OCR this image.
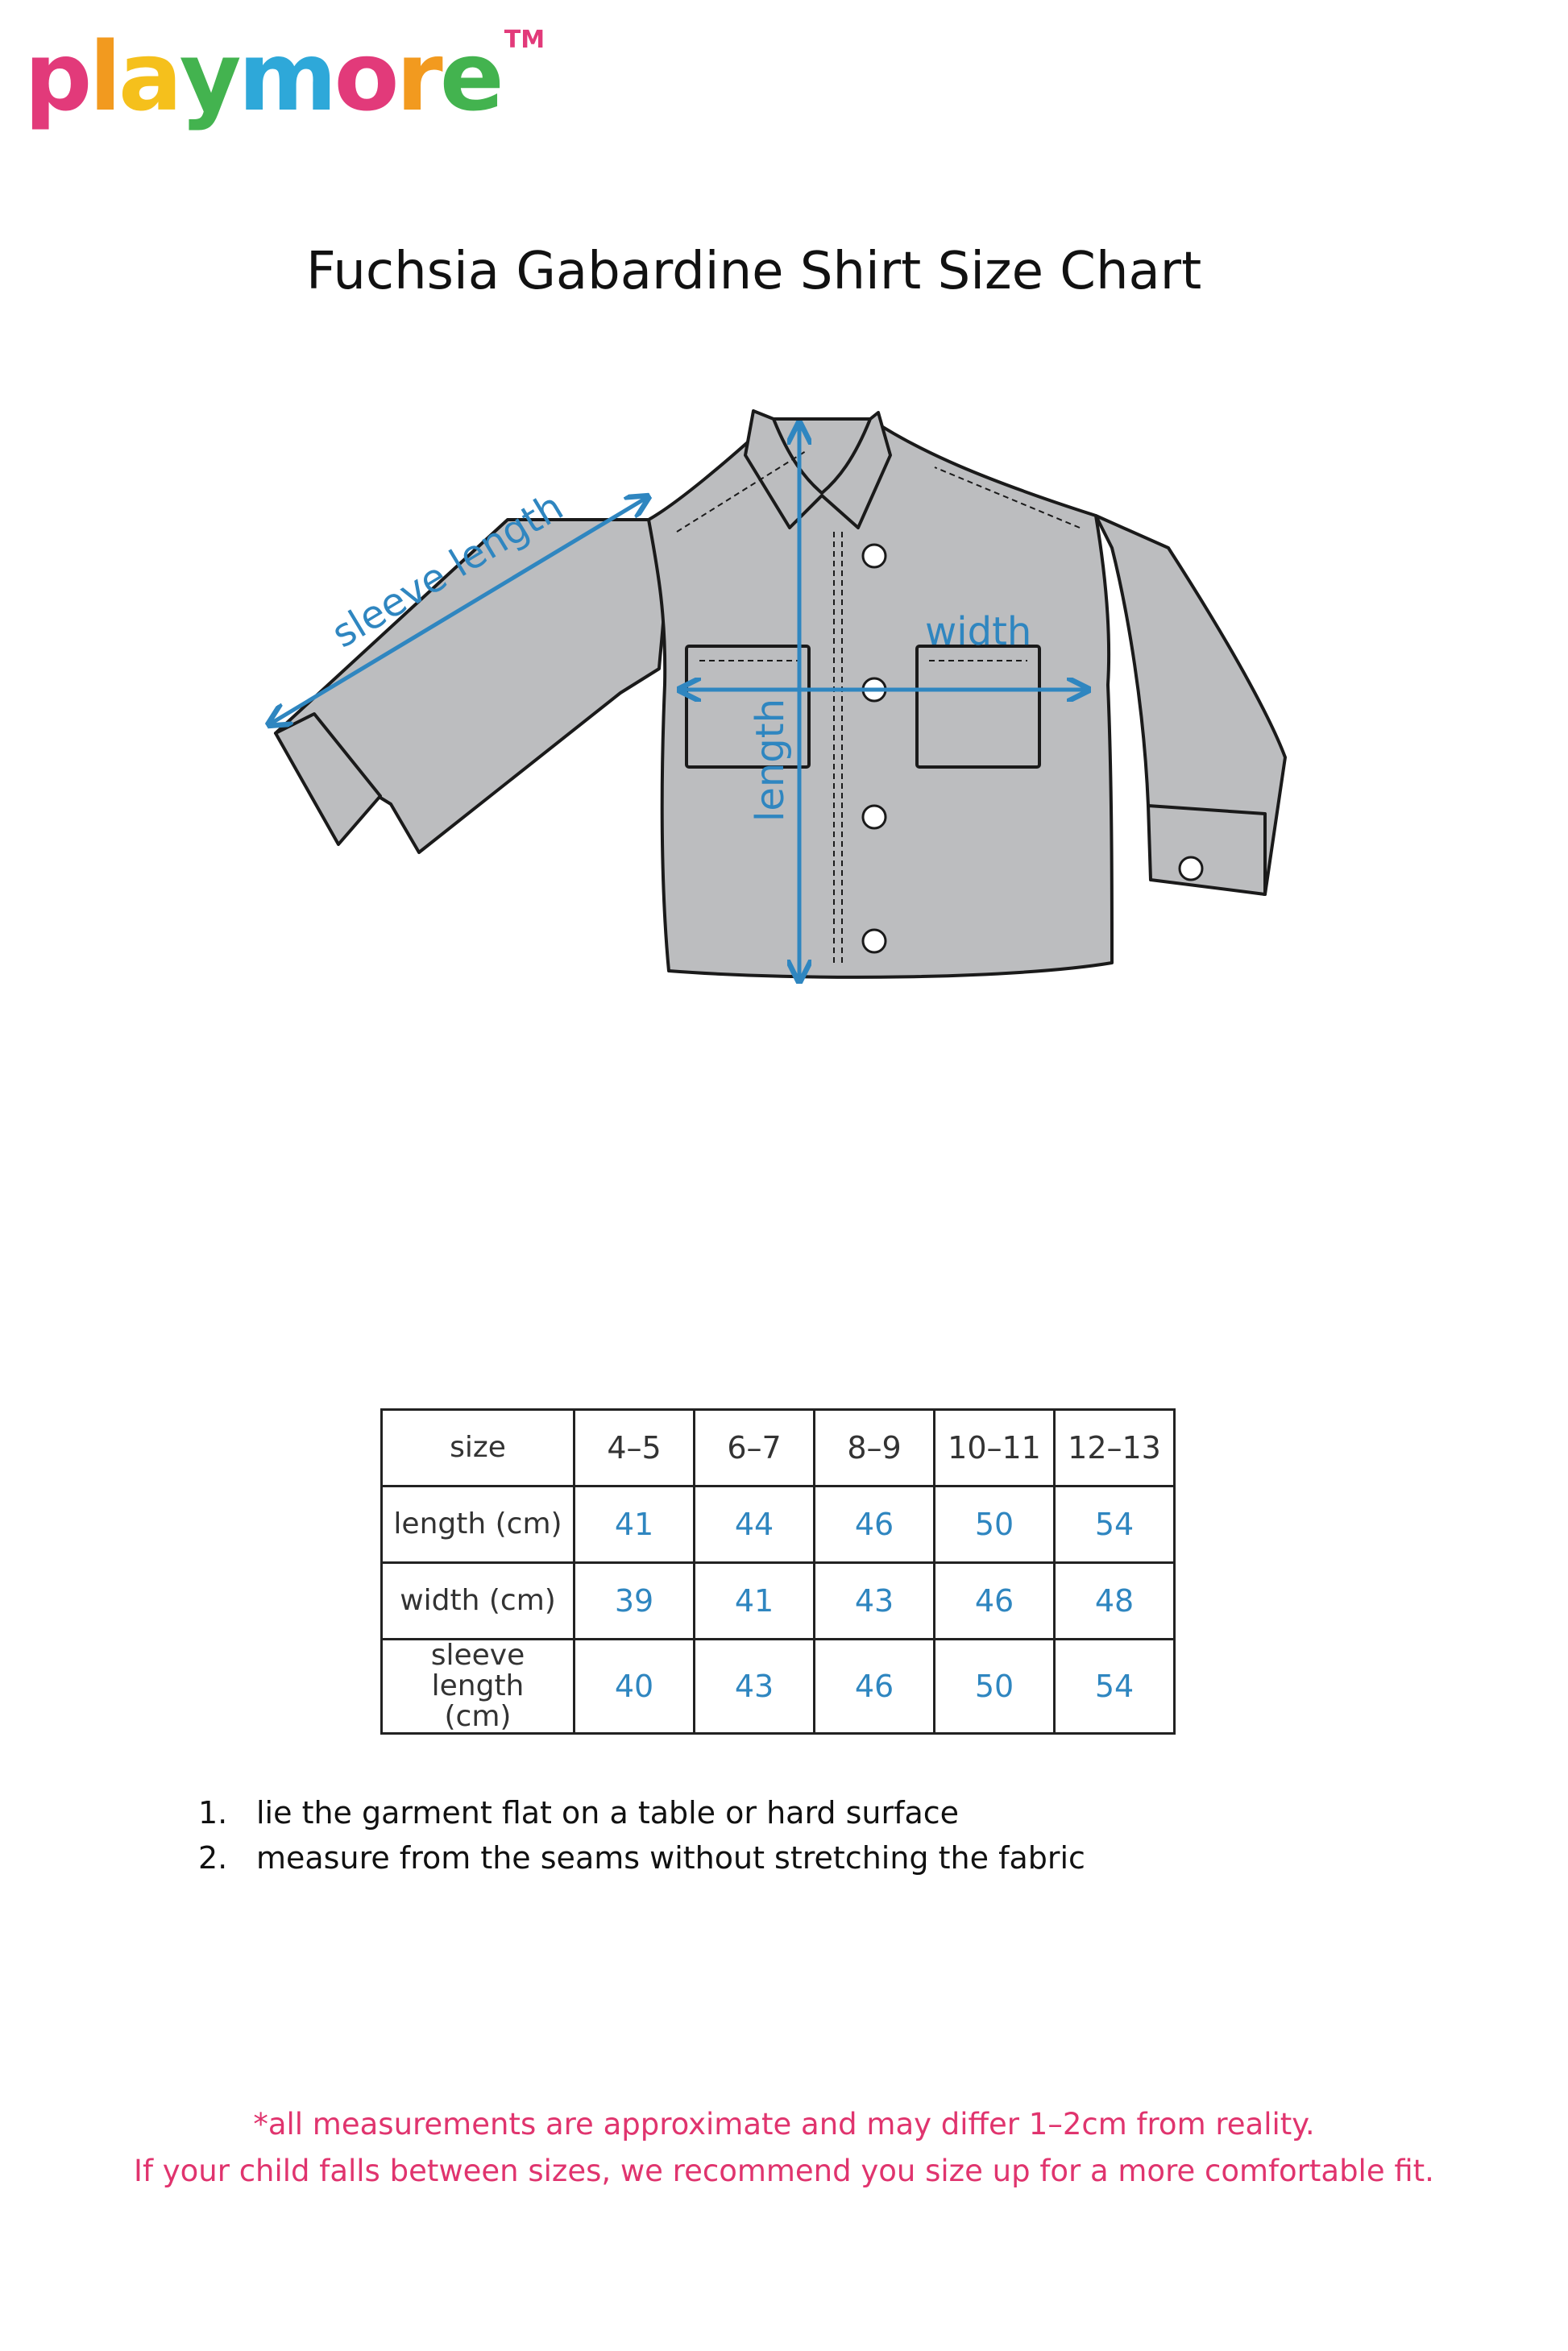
playmore TM
Fuchsia Gabardine Shirt Size Chart
sleeve length	width
length
size	4–5	6–7	8–9	10–11	12–13
length (cm)	41	44	46	50	54
width (cm)	39	41	43	46	48
sleeve length
(cm)	40	43	46	50	54
1. lie the garment flat on a table or hard surface
2. measure from the seams without stretching the fabric
*all measurements are approximate and may differ 1–2cm from reality.
If your child falls between sizes, we recommend you size up for a more comfortable fit.
